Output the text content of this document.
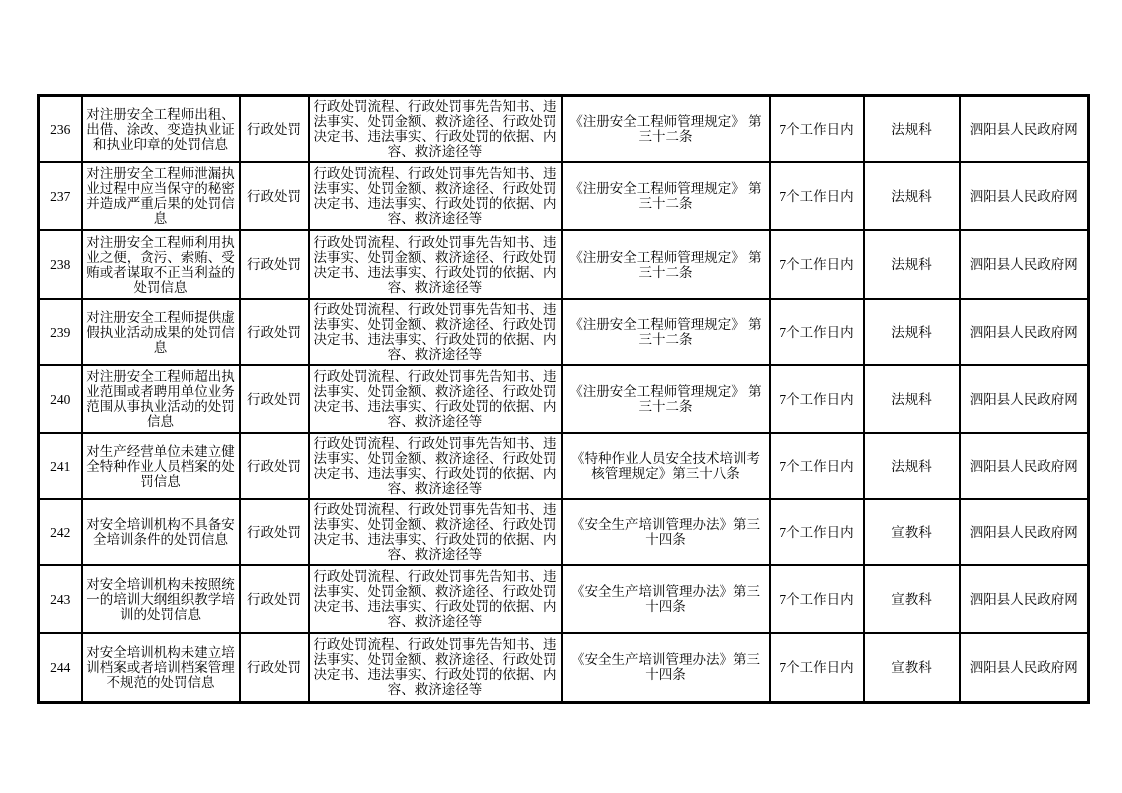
236	对注册安全工程师出租、出借、涂改、变造执业证和执业印章的处罚信息	行政处罚	行政处罚流程、行政处罚事先告知书、违法事实、处罚金额、救济途径、行政处罚决定书、违法事实、行政处罚的依据、内容、救济途径等	《注册安全工程师管理规定》 第三十二条	7个工作日内	法规科	泗阳县人民政府网
237	对注册安全工程师泄漏执业过程中应当保守的秘密并造成严重后果的处罚信息	行政处罚	行政处罚流程、行政处罚事先告知书、违法事实、处罚金额、救济途径、行政处罚决定书、违法事实、行政处罚的依据、内容、救济途径等	《注册安全工程师管理规定》 第三十二条	7个工作日内	法规科	泗阳县人民政府网
238	对注册安全工程师利用执业之便，贪污、索贿、受贿或者谋取不正当利益的处罚信息	行政处罚	行政处罚流程、行政处罚事先告知书、违法事实、处罚金额、救济途径、行政处罚决定书、违法事实、行政处罚的依据、内容、救济途径等	《注册安全工程师管理规定》 第三十二条	7个工作日内	法规科	泗阳县人民政府网
239	对注册安全工程师提供虚假执业活动成果的处罚信息	行政处罚	行政处罚流程、行政处罚事先告知书、违法事实、处罚金额、救济途径、行政处罚决定书、违法事实、行政处罚的依据、内容、救济途径等	《注册安全工程师管理规定》 第三十二条	7个工作日内	法规科	泗阳县人民政府网
240	对注册安全工程师超出执业范围或者聘用单位业务范围从事执业活动的处罚信息	行政处罚	行政处罚流程、行政处罚事先告知书、违法事实、处罚金额、救济途径、行政处罚决定书、违法事实、行政处罚的依据、内容、救济途径等	《注册安全工程师管理规定》 第三十二条	7个工作日内	法规科	泗阳县人民政府网
241	对生产经营单位未建立健全特种作业人员档案的处罚信息	行政处罚	行政处罚流程、行政处罚事先告知书、违法事实、处罚金额、救济途径、行政处罚决定书、违法事实、行政处罚的依据、内容、救济途径等	《特种作业人员安全技术培训考核管理规定》第三十八条	7个工作日内	法规科	泗阳县人民政府网
242	对安全培训机构不具备安全培训条件的处罚信息	行政处罚	行政处罚流程、行政处罚事先告知书、违法事实、处罚金额、救济途径、行政处罚决定书、违法事实、行政处罚的依据、内容、救济途径等	《安全生产培训管理办法》第三十四条	7个工作日内	宣教科	泗阳县人民政府网
243	对安全培训机构未按照统一的培训大纲组织教学培训的处罚信息	行政处罚	行政处罚流程、行政处罚事先告知书、违法事实、处罚金额、救济途径、行政处罚决定书、违法事实、行政处罚的依据、内容、救济途径等	《安全生产培训管理办法》第三十四条	7个工作日内	宣教科	泗阳县人民政府网
244	对安全培训机构未建立培训档案或者培训档案管理不规范的处罚信息	行政处罚	行政处罚流程、行政处罚事先告知书、违法事实、处罚金额、救济途径、行政处罚决定书、违法事实、行政处罚的依据、内容、救济途径等	《安全生产培训管理办法》第三十四条	7个工作日内	宣教科	泗阳县人民政府网
